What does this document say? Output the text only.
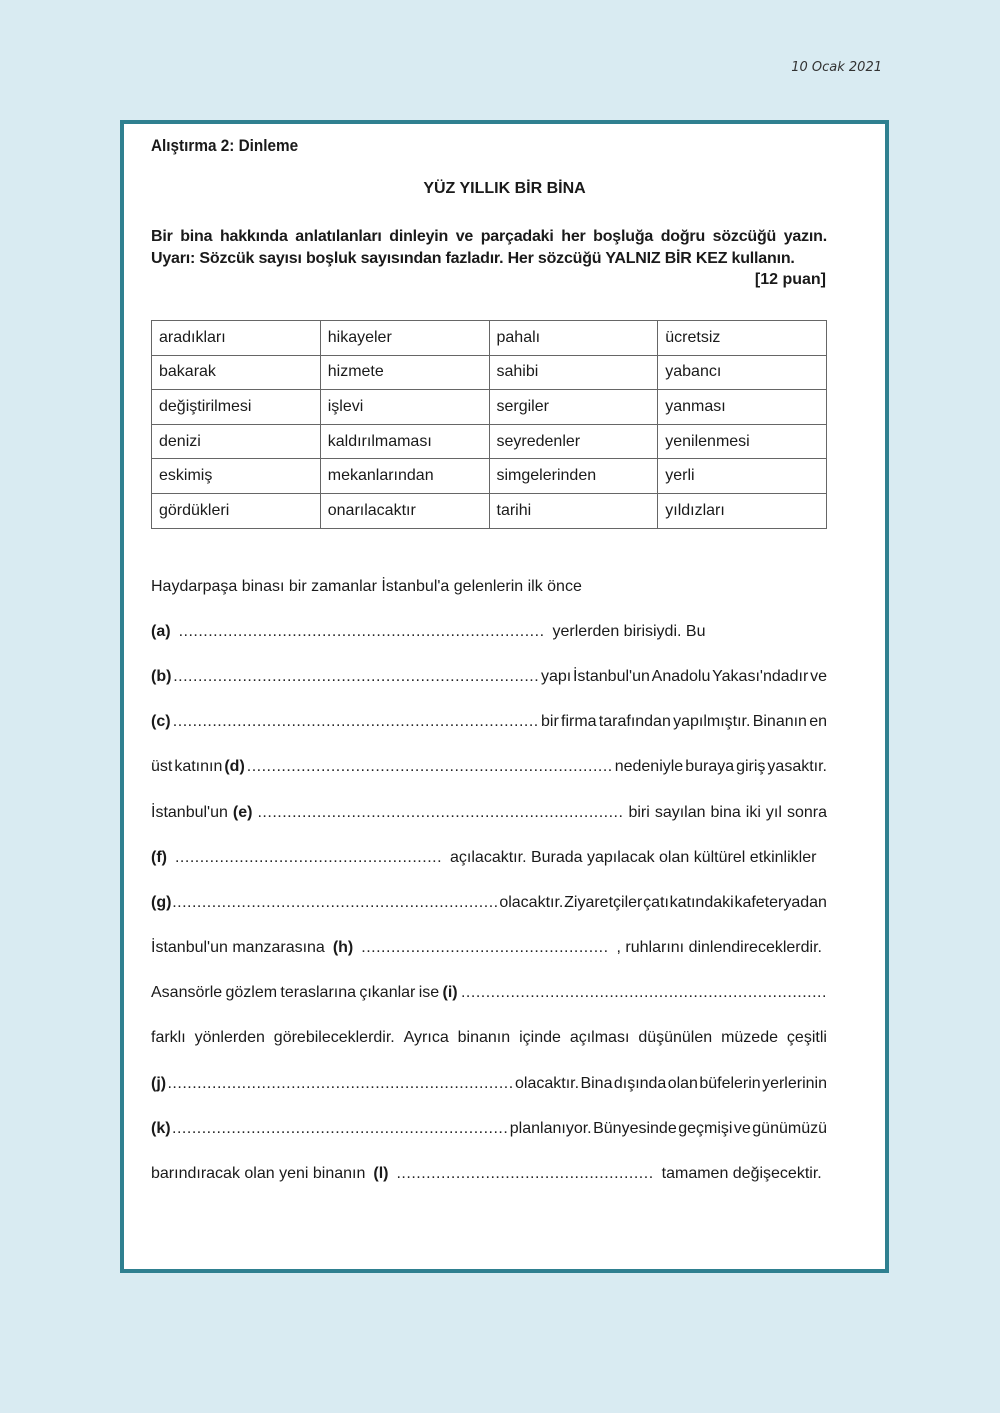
10 Ocak 2021
Alıştırma 2: Dinleme
YÜZ YILLIK BİR BİNA
Bir bina hakkında anlatılanları dinleyin ve parçadaki her boşluğa doğru sözcüğü yazın. Uyarı: Sözcük sayısı boşluk sayısından fazladır. Her sözcüğü YALNIZ BİR KEZ kullanın.
[12 puan]
aradıkları	hikayeler	pahalı	ücretsiz
bakarak	hizmete	sahibi	yabancı
değiştirilmesi	işlevi	sergiler	yanması
denizi	kaldırılmaması	seyredenler	yenilenmesi
eskimiş	mekanlarından	simgelerinden	yerli
gördükleri	onarılacaktır	tarihi	yıldızları
Haydarpaşa binası bir zamanlar İstanbul'a gelenlerin ilk önce
(a) .......................................................................... yerlerden birisiydi. Bu
(b) .......................................................................... yapı İstanbul'un Anadolu Yakası'ndadır ve
(c) .......................................................................... bir firma tarafından yapılmıştır. Binanın en
üst katının (d) .......................................................................... nedeniyle buraya giriş yasaktır.
İstanbul'un (e) .......................................................................... biri sayılan bina iki yıl sonra
(f) ...................................................... açılacaktır. Burada yapılacak olan kültürel etkinlikler
(g) .................................................................. olacaktır. Ziyaretçiler çatı katındaki kafeteryadan
İstanbul'un manzarasına (h) .................................................. , ruhlarını dinlendireceklerdir.
Asansörle gözlem teraslarına çıkanlar ise (i) ..........................................................................
farklı yönlerden görebileceklerdir. Ayrıca binanın içinde açılması düşünülen müzede çeşitli
(j) ...................................................................... olacaktır. Bina dışında olan büfelerin yerlerinin
(k) .................................................................... planlanıyor. Bünyesinde geçmişi ve günümüzü
barındıracak olan yeni binanın (l) .................................................... tamamen değişecektir.
